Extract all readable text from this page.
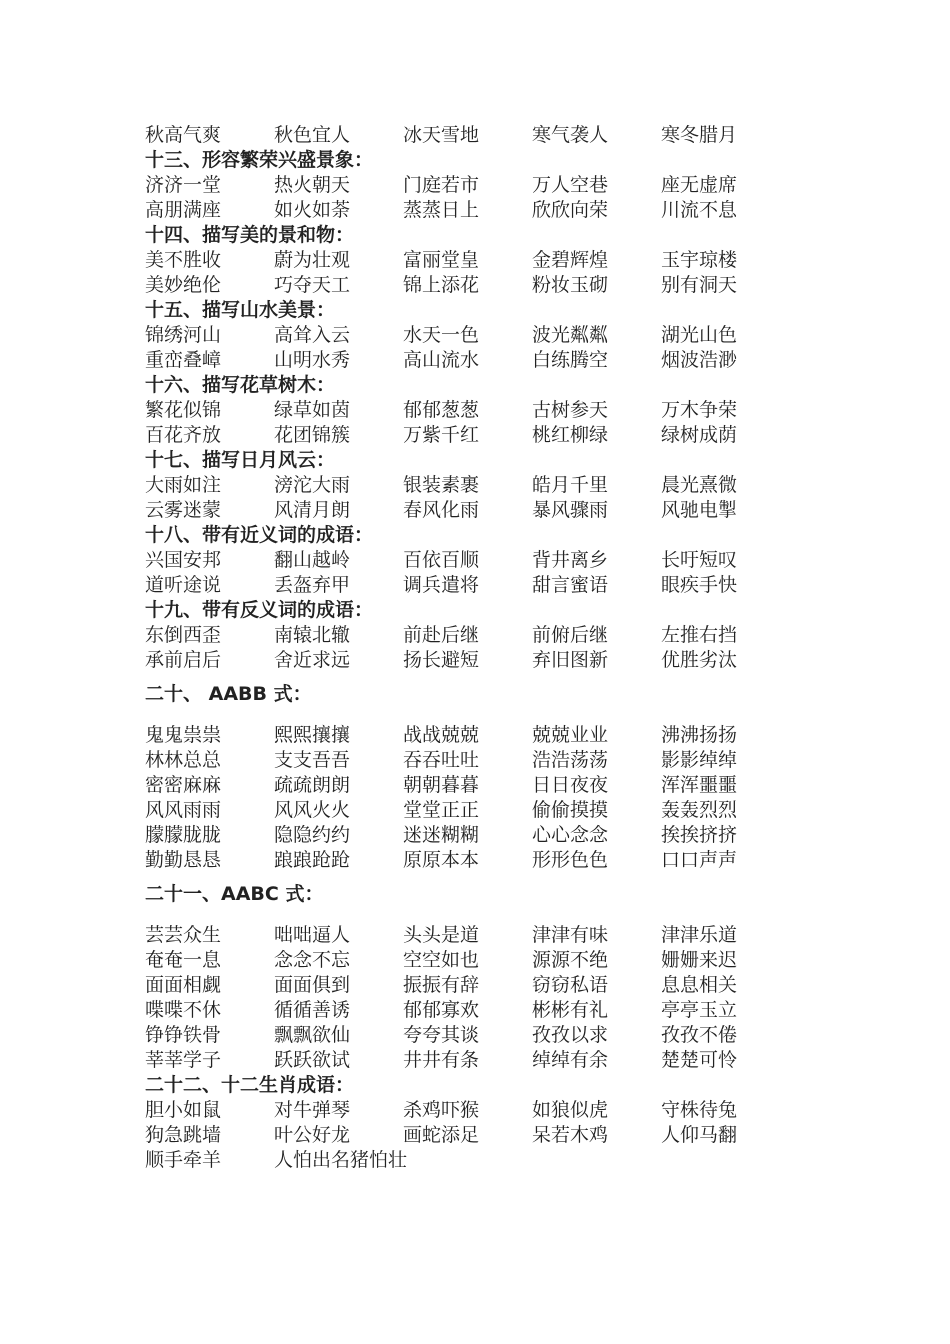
秋高气爽	秋色宜人	冰天雪地	寒气袭人	寒冬腊月
十三、形容繁荣兴盛景象：
济济一堂	热火朝天	门庭若市	万人空巷	座无虚席
高朋满座	如火如荼	蒸蒸日上	欣欣向荣	川流不息
十四、描写美的景和物：
美不胜收	蔚为壮观	富丽堂皇	金碧辉煌	玉宇琼楼
美妙绝伦	巧夺天工	锦上添花	粉妆玉砌	别有洞天
十五、描写山水美景：
锦绣河山	高耸入云	水天一色	波光粼粼	湖光山色
重峦叠嶂	山明水秀	高山流水	白练腾空	烟波浩渺
十六、描写花草树木：
繁花似锦	绿草如茵	郁郁葱葱	古树参天	万木争荣
百花齐放	花团锦簇	万紫千红	桃红柳绿	绿树成荫
十七、描写日月风云：
大雨如注	滂沱大雨	银装素裹	皓月千里	晨光熹微
云雾迷蒙	风清月朗	春风化雨	暴风骤雨	风驰电掣
十八、带有近义词的成语：
兴国安邦	翻山越岭	百依百顺	背井离乡	长吁短叹
道听途说	丢盔弃甲	调兵遣将	甜言蜜语	眼疾手快
十九、带有反义词的成语：
东倒西歪	南辕北辙	前赴后继	前俯后继	左推右挡
承前启后	舍近求远	扬长避短	弃旧图新	优胜劣汰
二十、 AABB 式：
鬼鬼祟祟	熙熙攘攘	战战兢兢	兢兢业业	沸沸扬扬
林林总总	支支吾吾	吞吞吐吐	浩浩荡荡	影影绰绰
密密麻麻	疏疏朗朗	朝朝暮暮	日日夜夜	浑浑噩噩
风风雨雨	风风火火	堂堂正正	偷偷摸摸	轰轰烈烈
朦朦胧胧	隐隐约约	迷迷糊糊	心心念念	挨挨挤挤
勤勤恳恳	踉踉跄跄	原原本本	形形色色	口口声声
二十一、AABC 式：
芸芸众生	咄咄逼人	头头是道	津津有味	津津乐道
奄奄一息	念念不忘	空空如也	源源不绝	姗姗来迟
面面相觑	面面俱到	振振有辞	窃窃私语	息息相关
喋喋不休	循循善诱	郁郁寡欢	彬彬有礼	亭亭玉立
铮铮铁骨	飘飘欲仙	夸夸其谈	孜孜以求	孜孜不倦
莘莘学子	跃跃欲试	井井有条	绰绰有余	楚楚可怜
二十二、十二生肖成语：
胆小如鼠	对牛弹琴	杀鸡吓猴	如狼似虎	守株待兔
狗急跳墙	叶公好龙	画蛇添足	呆若木鸡	人仰马翻
顺手牵羊	人怕出名猪怕壮
